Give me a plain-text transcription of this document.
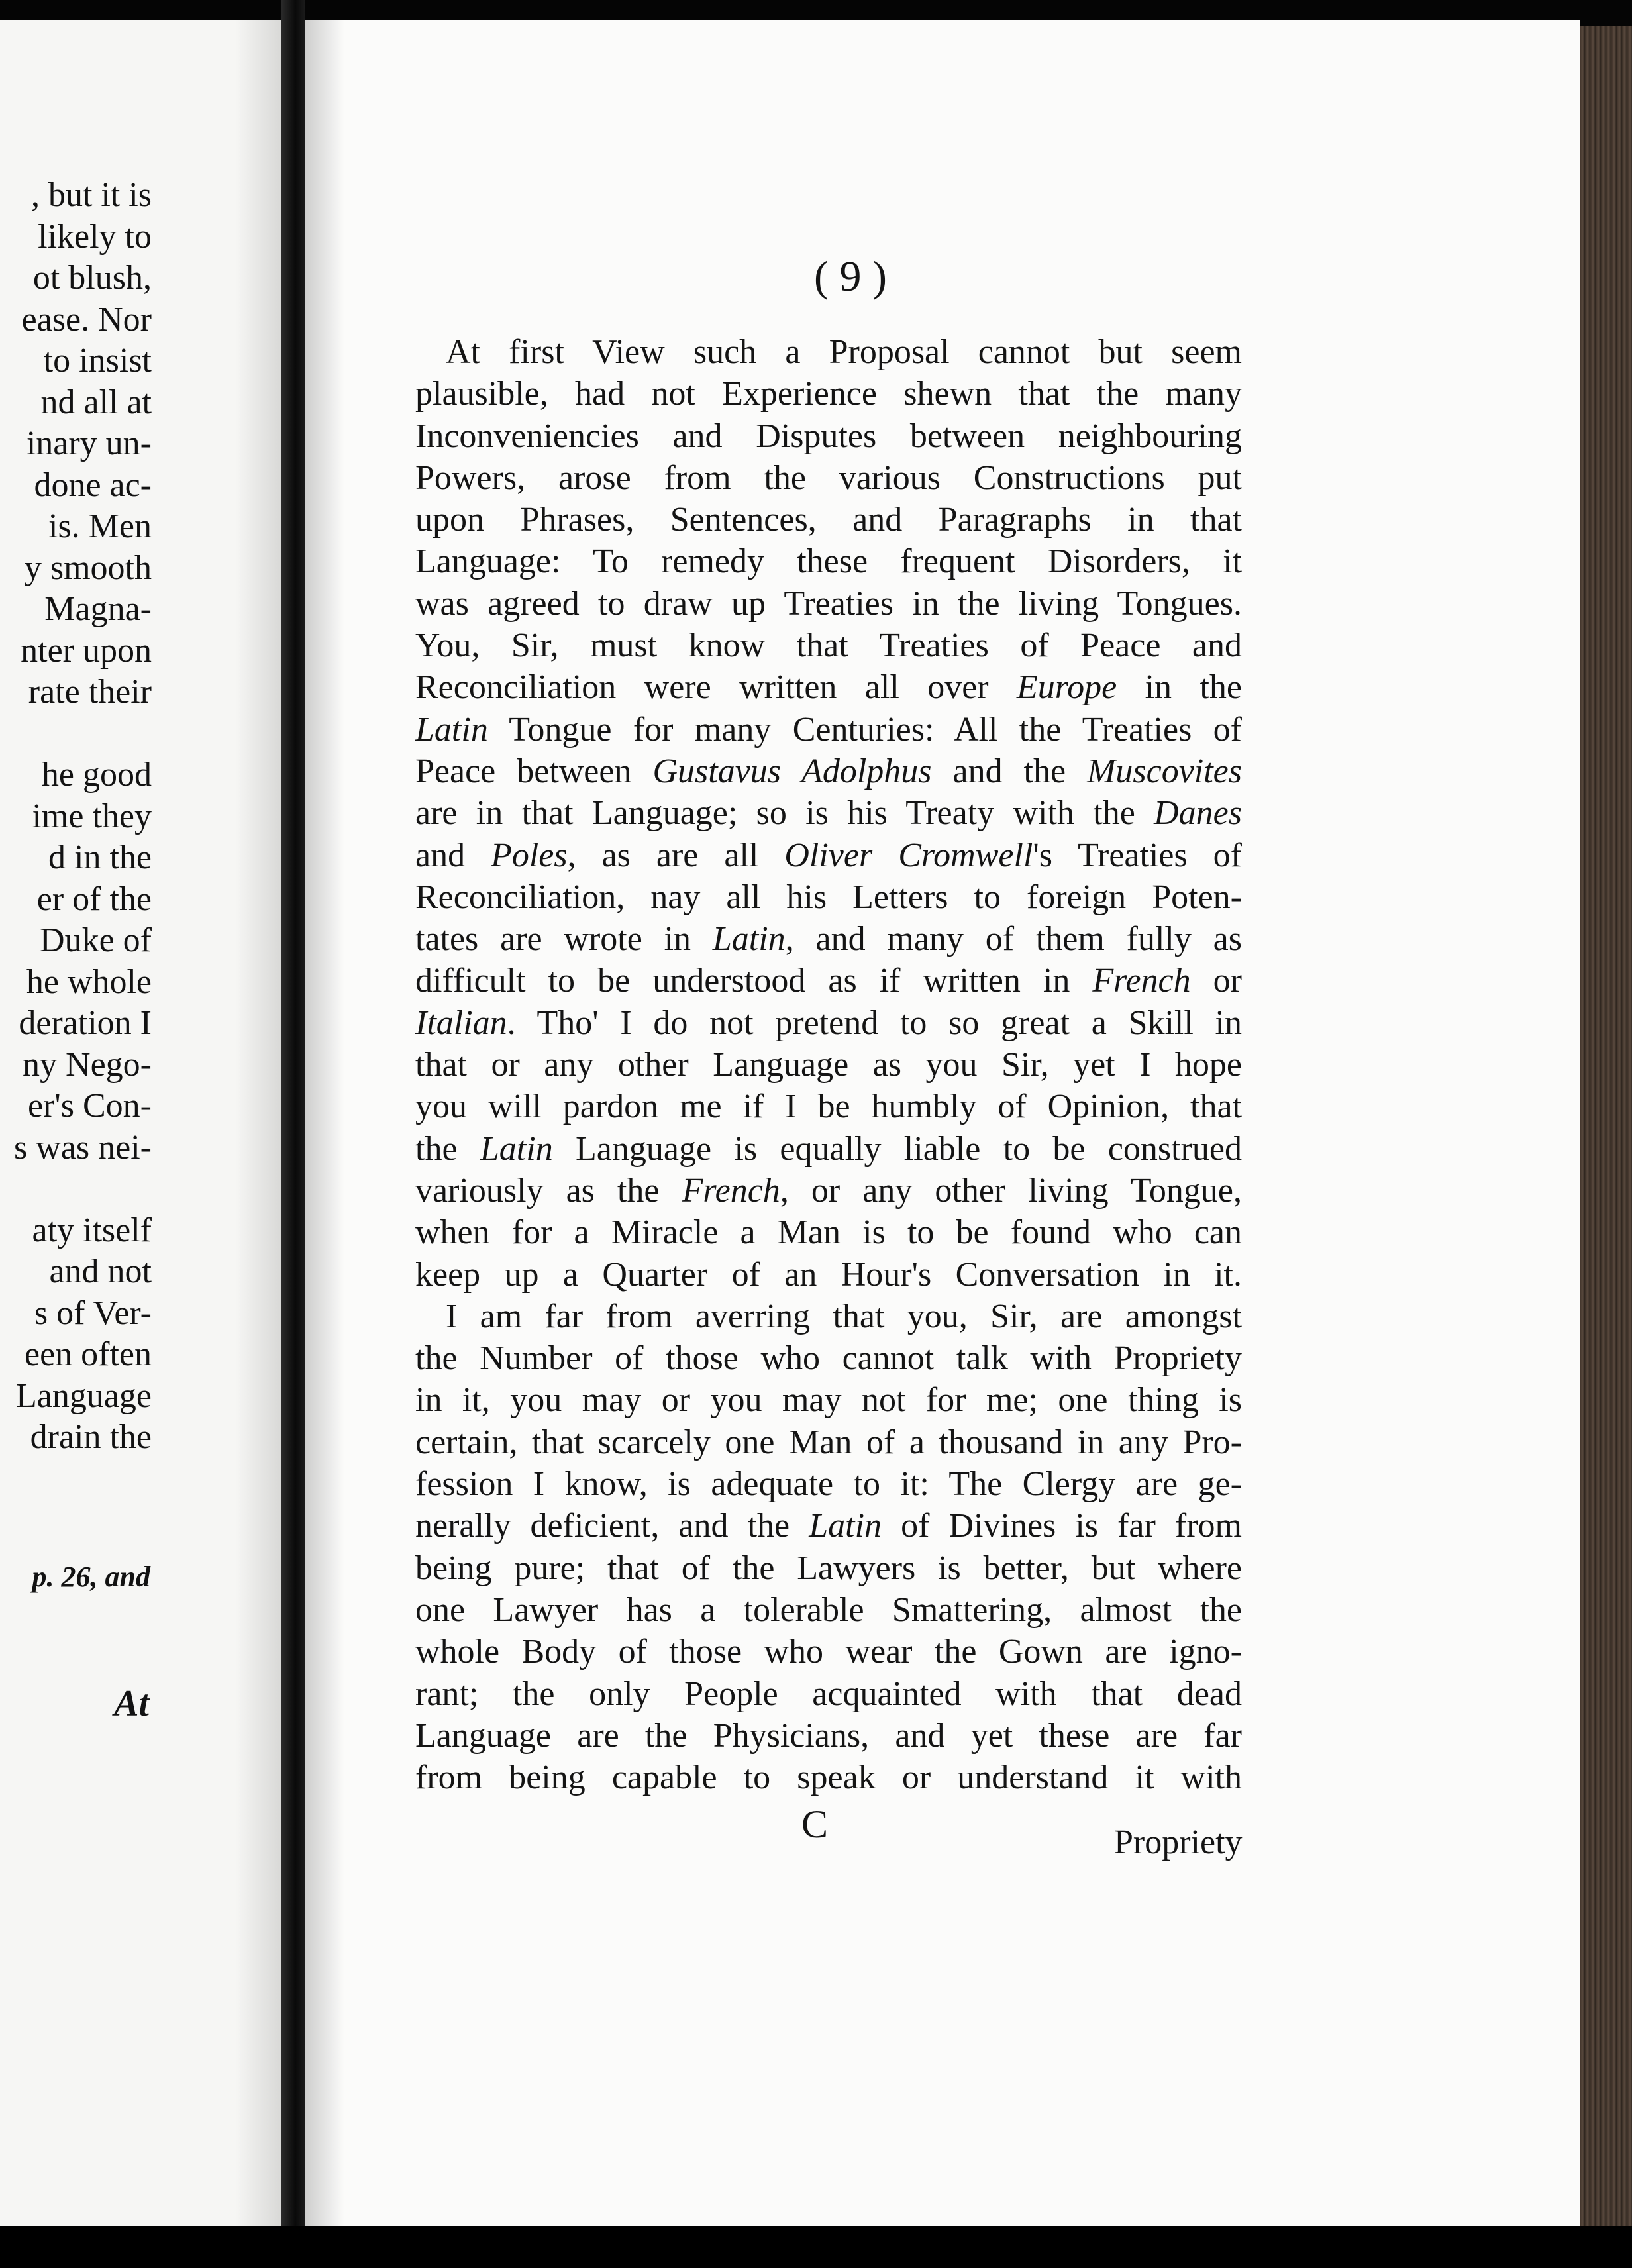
, but it is
likely to
ot blush,
ease. Nor
to insist
nd all at
inary un-
done ac-
is. Men
y smooth
Magna-
nter upon
rate their
he good
ime they
d in the
er of the
Duke of
he whole
deration I
ny Nego-
er's Con-
s was nei-
aty itself
and not
s of Ver-
een often
Language
drain the
p. 26, and
At
( 9 )
At first View such a Proposal cannot but seem
plausible, had not Experience shewn that the many
Inconveniencies and Disputes between neighbouring
Powers, arose from the various Constructions put
upon Phrases, Sentences, and Paragraphs in that
Language: To remedy these frequent Disorders, it
was agreed to draw up Treaties in the living Tongues.
You, Sir, must know that Treaties of Peace and
Reconciliation were written all over Europe in the
Latin Tongue for many Centuries: All the Treaties of
Peace between Gustavus Adolphus and the Muscovites
are in that Language; so is his Treaty with the Danes
and Poles, as are all Oliver Cromwell's Treaties of
Reconciliation, nay all his Letters to foreign Poten-
tates are wrote in Latin, and many of them fully as
difficult to be understood as if written in French or
Italian. Tho' I do not pretend to so great a Skill in
that or any other Language as you Sir, yet I hope
you will pardon me if I be humbly of Opinion, that
the Latin Language is equally liable to be construed
variously as the French, or any other living Tongue,
when for a Miracle a Man is to be found who can
keep up a Quarter of an Hour's Conversation in it.
I am far from averring that you, Sir, are amongst
the Number of those who cannot talk with Propriety
in it, you may or you may not for me; one thing is
certain, that scarcely one Man of a thousand in any Pro-
fession I know, is adequate to it: The Clergy are ge-
nerally deficient, and the Latin of Divines is far from
being pure; that of the Lawyers is better, but where
one Lawyer has a tolerable Smattering, almost the
whole Body of those who wear the Gown are igno-
rant; the only People acquainted with that dead
Language are the Physicians, and yet these are far
from being capable to speak or understand it with
C	Propriety
